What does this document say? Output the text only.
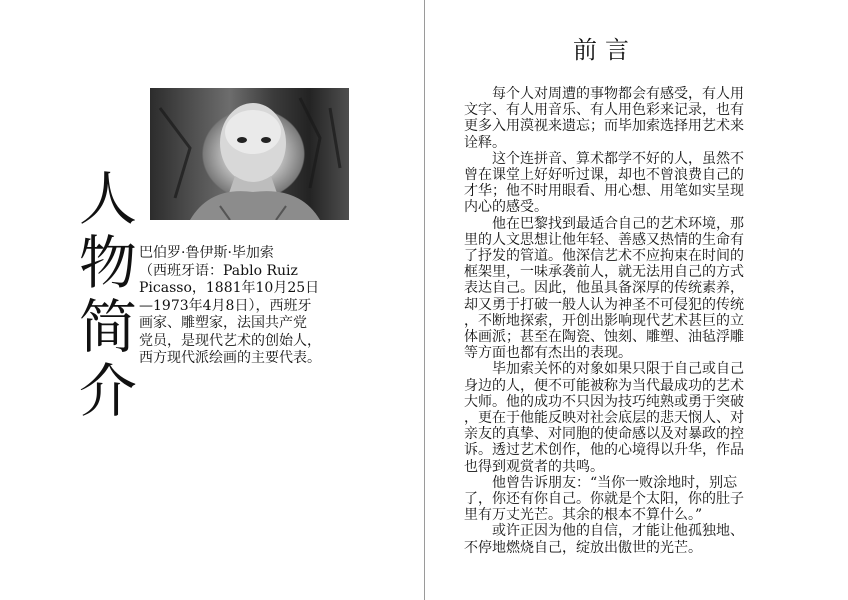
人物简介 巴伯罗·鲁伊斯·毕加索
（西班牙语：Pablo Ruiz
Picasso，1881年10月25日
—1973年4月8日），西班牙
画家、雕塑家，法国共产党
党员，是现代艺术的创始人，
西方现代派绘画的主要代表。

前言

　　每个人对周遭的事物都会有感受，有人用
文字、有人用音乐、有人用色彩来记录，也有
更多入用漠视来遗忘；而毕加索选择用艺术来
诠释。
　　这个连拼音、算术都学不好的人，虽然不
曾在课堂上好好听过课，却也不曾浪费自己的
才华；他不时用眼看、用心想、用笔如实呈现
内心的感受。
　　他在巴黎找到最适合自己的艺术环境，那
里的人文思想让他年轻、善感又热情的生命有
了抒发的管道。他深信艺术不应拘束在时间的
框架里，一味承袭前人，就无法用自己的方式
表达自己。因此，他虽具备深厚的传统素养，
却又勇于打破一般人认为神圣不可侵犯的传统
，不断地探索，开创出影响现代艺术甚巨的立
体画派；甚至在陶瓷、蚀刻、雕塑、油毡浮雕
等方面也都有杰出的表现。
　　毕加索关怀的对象如果只限于自己或自己
身边的人，便不可能被称为当代最成功的艺术
大师。他的成功不只因为技巧纯熟或勇于突破
，更在于他能反映对社会底层的悲天悯人、对
亲友的真挚、对同胞的使命感以及对暴政的控
诉。透过艺术创作，他的心境得以升华，作品
也得到观赏者的共鸣。
　　他曾告诉朋友：“当你一败涂地时，别忘
了，你还有你自己。你就是个太阳，你的肚子
里有万丈光芒。其余的根本不算什么。”
　　或许正因为他的自信，才能让他孤独地、
不停地燃烧自己，绽放出傲世的光芒。
